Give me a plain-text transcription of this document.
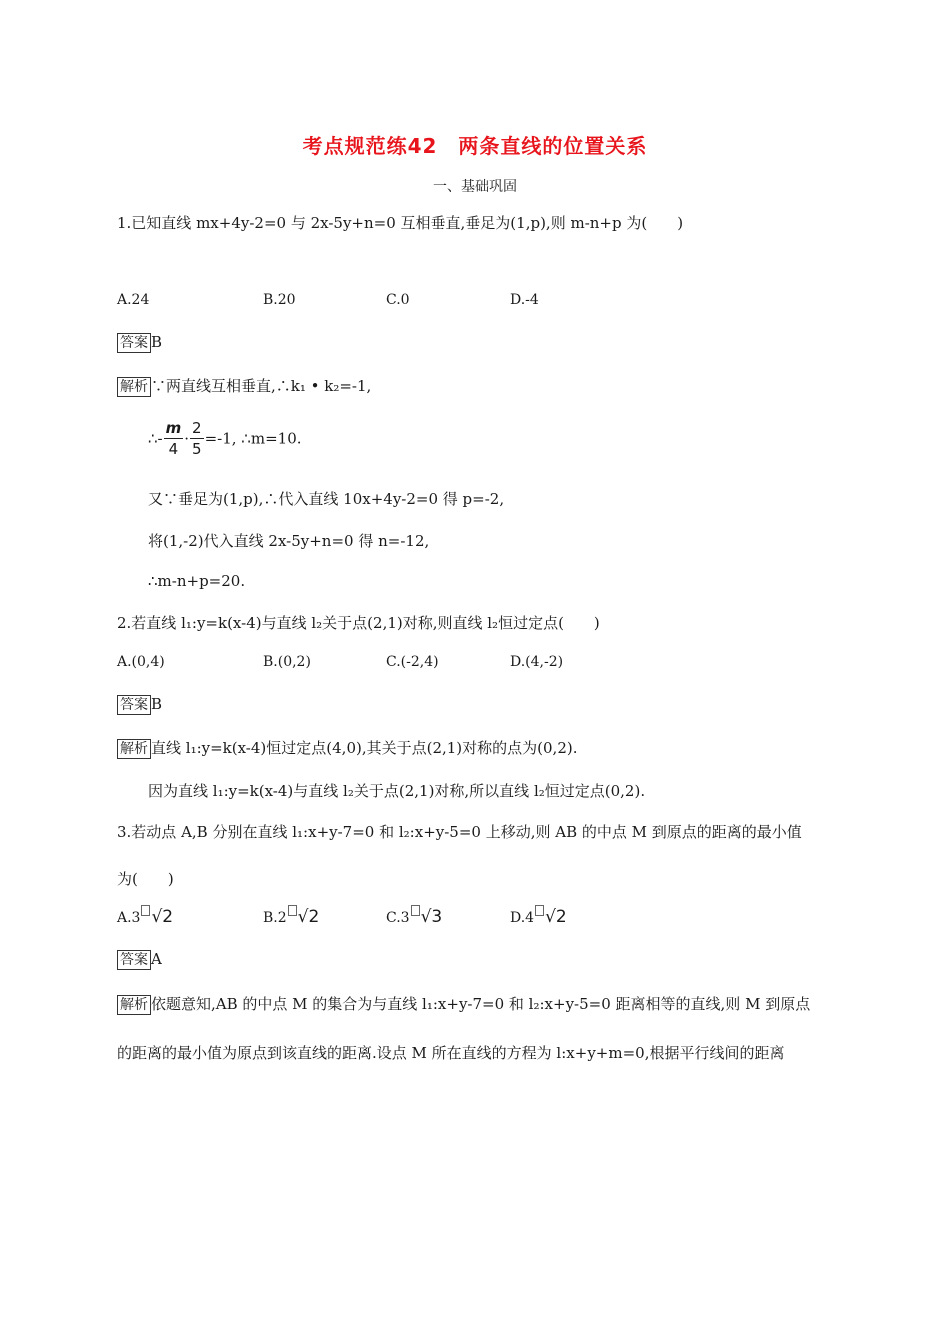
考点规范练42　两条直线的位置关系
一、基础巩固
1.已知直线 mx+4y-2=0 与 2x-5y+n=0 互相垂直,垂足为(1,p),则 m-n+p 为(　　)
A.24	B.20	C.0	D.-4
答案 B
解析 ∵两直线互相垂直,∴k₁ • k₂=-1,
∴- $\frac{m}{4} \cdot \frac{2}{5} =-1$, ∴m=10.
又∵垂足为(1,p),∴代入直线 10x+4y-2=0 得 p=-2,
将(1,-2)代入直线 2x-5y+n=0 得 n=-12,
∴m-n+p=20.
2.若直线 l₁:y=k(x-4)与直线 l₂关于点(2,1)对称,则直线 l₂恒过定点(　　)
A.(0,4)	B.(0,2)	C.(-2,4)	D.(4,-2)
答案 B
解析 直线 l₁:y=k(x-4)恒过定点(4,0),其关于点(2,1)对称的点为(0,2).
因为直线 l₁:y=k(x-4)与直线 l₂关于点(2,1)对称,所以直线 l₂恒过定点(0,2).
3.若动点 A,B 分别在直线 l₁:x+y-7=0 和 l₂:x+y-5=0 上移动,则 AB 的中点 M 到原点的距离的最小值
为(　　)
A.3 √2	B.2 √2	C.3 √3	D.4 √2
答案 A
解析 依题意知,AB 的中点 M 的集合为与直线 l₁:x+y-7=0 和 l₂:x+y-5=0 距离相等的直线,则 M 到原点
的距离的最小值为原点到该直线的距离.设点 M 所在直线的方程为 l:x+y+m=0,根据平行线间的距离
